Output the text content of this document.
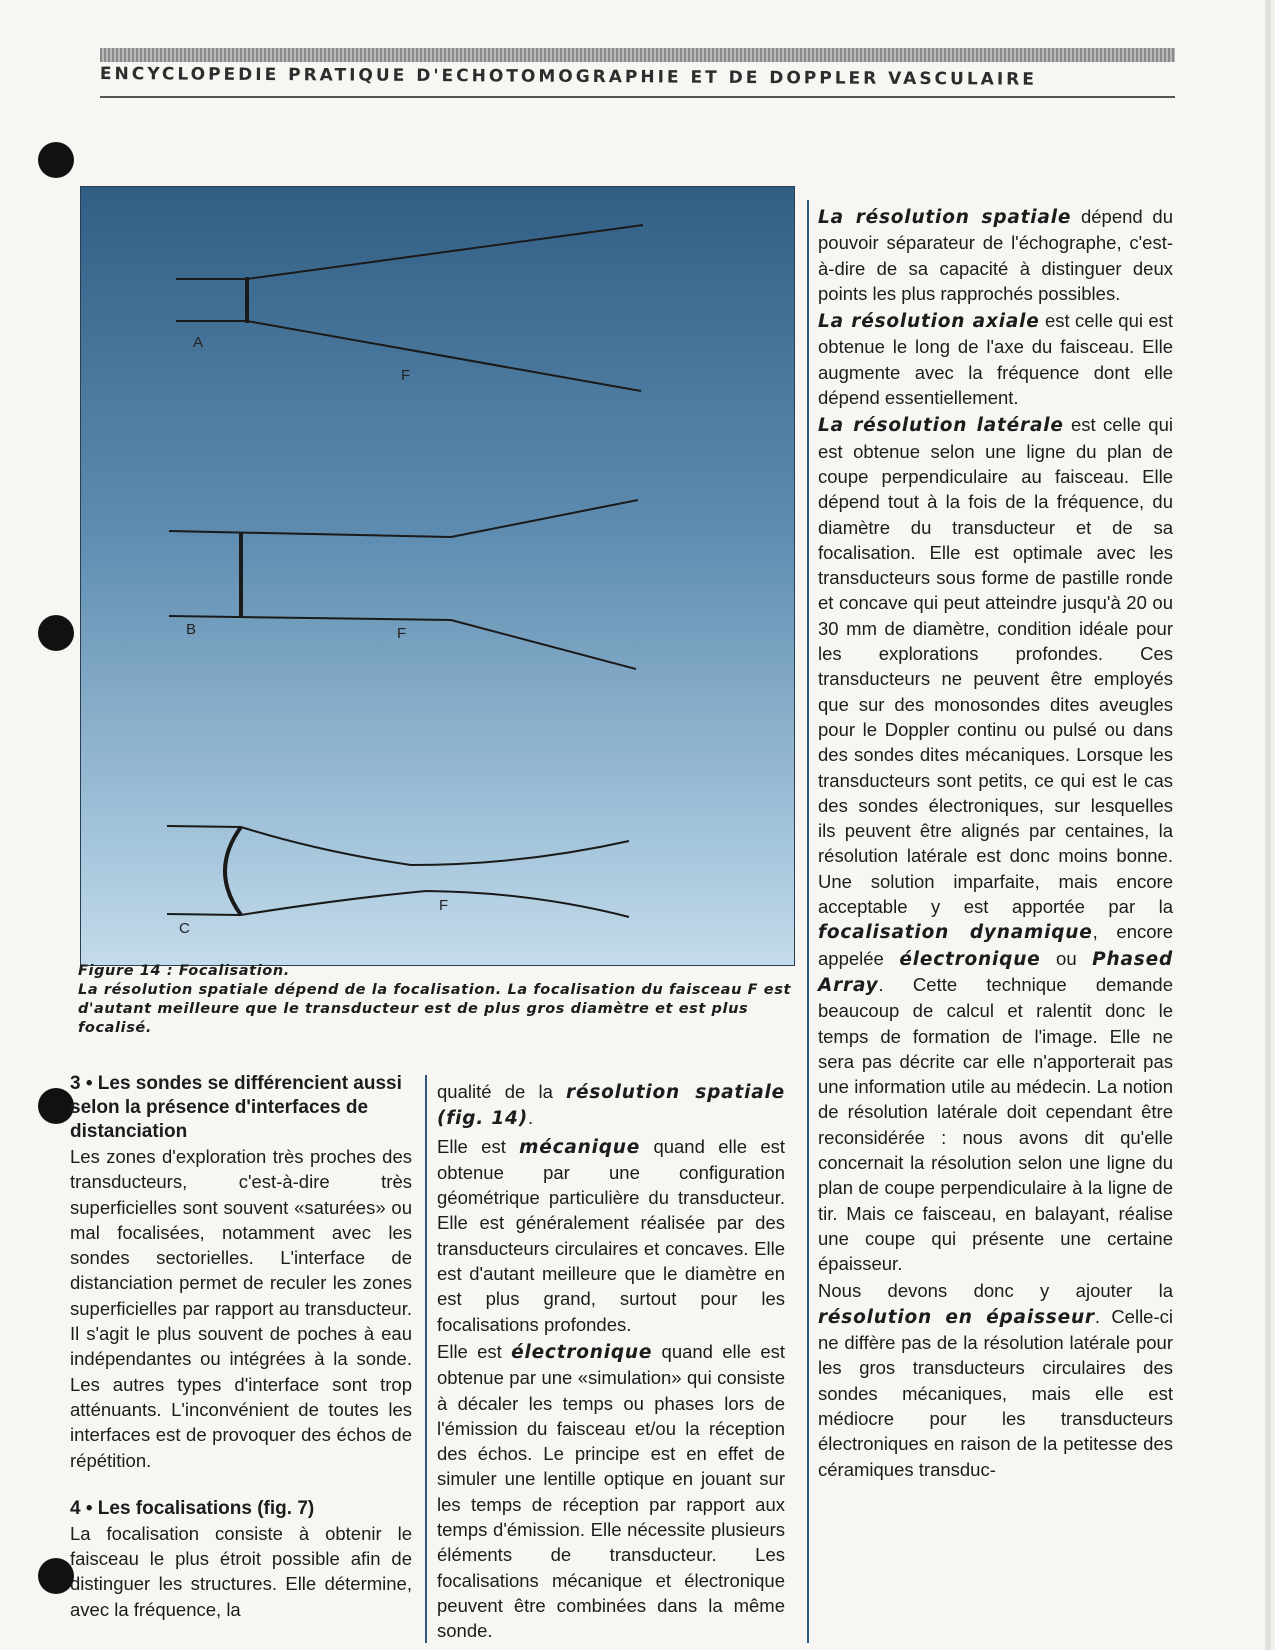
ENCYCLOPEDIE PRATIQUE D'ECHOTOMOGRAPHIE ET DE DOPPLER VASCULAIRE
A
F
B	F
C
F
Figure 14 : Focalisation.
La résolution spatiale dépend de la focalisation. La focalisation du faisceau F est d'autant meilleure que le transducteur est de plus gros diamètre et est plus focalisé.
3 • Les sondes se différencient aussi selon la présence d'interfaces de distanciation

Les zones d'exploration très proches des transducteurs, c'est-à-dire très superficielles sont souvent «saturées» ou mal focalisées, notamment avec les sondes sectorielles. L'interface de distanciation permet de reculer les zones superficielles par rapport au transducteur. Il s'agit le plus souvent de poches à eau indépendantes ou intégrées à la sonde. Les autres types d'interface sont trop atténuants. L'inconvénient de toutes les interfaces est de provoquer des échos de répétition.

4 • Les focalisations (fig. 7)

La focalisation consiste à obtenir le faisceau le plus étroit possible afin de distinguer les structures. Elle détermine, avec la fréquence, la

qualité de la résolution spatiale (fig. 14).

Elle est mécanique quand elle est obtenue par une configuration géométrique particulière du transducteur. Elle est généralement réalisée par des transducteurs circulaires et concaves. Elle est d'autant meilleure que le diamètre en est plus grand, surtout pour les focalisations profondes.

Elle est électronique quand elle est obtenue par une «simulation» qui consiste à décaler les temps ou phases lors de l'émission du faisceau et/ou la réception des échos. Le principe est en effet de simuler une lentille optique en jouant sur les temps de réception par rapport aux temps d'émission. Elle nécessite plusieurs éléments de transducteur. Les focalisations mécanique et électronique peuvent être combinées dans la même sonde.

La résolution spatiale dépend du pouvoir séparateur de l'échographe, c'est-à-dire de sa capacité à distinguer deux points les plus rapprochés possibles.

La résolution axiale est celle qui est obtenue le long de l'axe du faisceau. Elle augmente avec la fréquence dont elle dépend essentiellement.

La résolution latérale est celle qui est obtenue selon une ligne du plan de coupe perpendiculaire au faisceau. Elle dépend tout à la fois de la fréquence, du diamètre du transducteur et de sa focalisation. Elle est optimale avec les transducteurs sous forme de pastille ronde et concave qui peut atteindre jusqu'à 20 ou 30 mm de diamètre, condition idéale pour les explorations profondes. Ces transducteurs ne peuvent être employés que sur des monosondes dites aveugles pour le Doppler continu ou pulsé ou dans des sondes dites mécaniques. Lorsque les transducteurs sont petits, ce qui est le cas des sondes électroniques, sur lesquelles ils peuvent être alignés par centaines, la résolution latérale est donc moins bonne. Une solution imparfaite, mais encore acceptable y est apportée par la focalisation dynamique, encore appelée électronique ou Phased Array. Cette technique demande beaucoup de calcul et ralentit donc le temps de formation de l'image. Elle ne sera pas décrite car elle n'apporterait pas une information utile au médecin. La notion de résolution latérale doit cependant être reconsidérée : nous avons dit qu'elle concernait la résolution selon une ligne du plan de coupe perpendiculaire à la ligne de tir. Mais ce faisceau, en balayant, réalise une coupe qui présente une certaine épaisseur.

Nous devons donc y ajouter la résolution en épaisseur. Celle-ci ne diffère pas de la résolution latérale pour les gros transducteurs circulaires des sondes mécaniques, mais elle est médiocre pour les transducteurs électroniques en raison de la petitesse des céramiques transduc-
